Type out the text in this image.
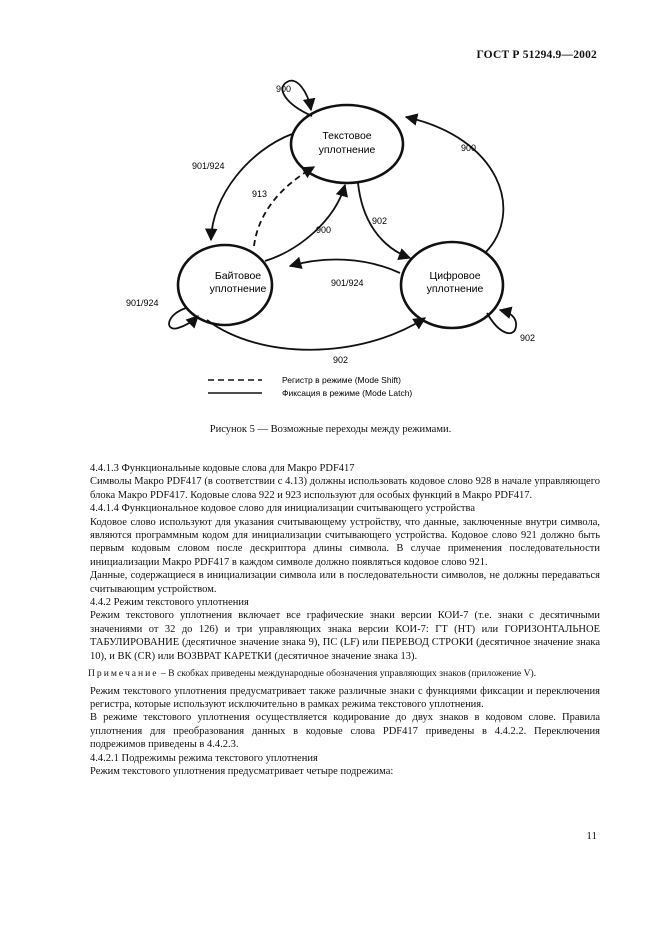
ГОСТ Р 51294.9—2002
Текстовое
уплотнение
Байтовое
уплотнение
Цифровое
уплотнение
900
901/924
913
900
902
900
901/924
901/924
902
902
Регистр в режиме (Mode Shift)
Фиксация в режиме (Mode Latch)
Рисунок 5 — Возможные переходы между режимами.

4.4.1.3 Функциональные кодовые слова для Макро PDF417

Символы Макро PDF417 (в соответствии с 4.13) должны использовать кодовое слово 928 в начале управляющего блока Макро PDF417. Кодовые слова 922 и 923 используют для особых функций в Макро PDF417.

4.4.1.4 Функциональное кодовое слово для инициализации считывающего устройства

Кодовое слово используют для указания считывающему устройству, что данные, заключенные внутри символа, являются программным кодом для инициализации считывающего устройства. Кодовое слово 921 должно быть первым кодовым словом после дескриптора длины символа. В случае применения последовательности инициализации Макро PDF417 в каждом символе должно появляться кодовое слово 921.

Данные, содержащиеся в инициализации символа или в последовательности символов, не должны передаваться считывающим устройством.

4.4.2 Режим текстового уплотнения

Режим текстового уплотнения включает все графические знаки версии КОИ-7 (т.е. знаки с десятичными значениями от 32 до 126) и три управляющих знака версии КОИ-7: ГТ (HT) или ГОРИЗОНТАЛЬНОЕ ТАБУЛИРОВАНИЕ (десятичное значение знака 9), ПС (LF) или ПЕРЕВОД СТРОКИ (десятичное значение знака 10), и ВК (CR) или ВОЗВРАТ КАРЕТКИ (десятичное значение знака 13).

Примечание – В скобках приведены международные обозначения управляющих знаков (приложение V).

Режим текстового уплотнения предусматривает также различные знаки с функциями фиксации и переключения регистра, которые используют исключительно в рамках режима текстового уплотнения.

В режиме текстового уплотнения осуществляется кодирование до двух знаков в кодовом слове. Правила уплотнения для преобразования данных в кодовые слова PDF417 приведены в 4.4.2.2. Переключения подрежимов приведены в 4.4.2.3.

4.4.2.1 Подрежимы режима текстового уплотнения

Режим текстового уплотнения предусматривает четыре подрежима:

11
